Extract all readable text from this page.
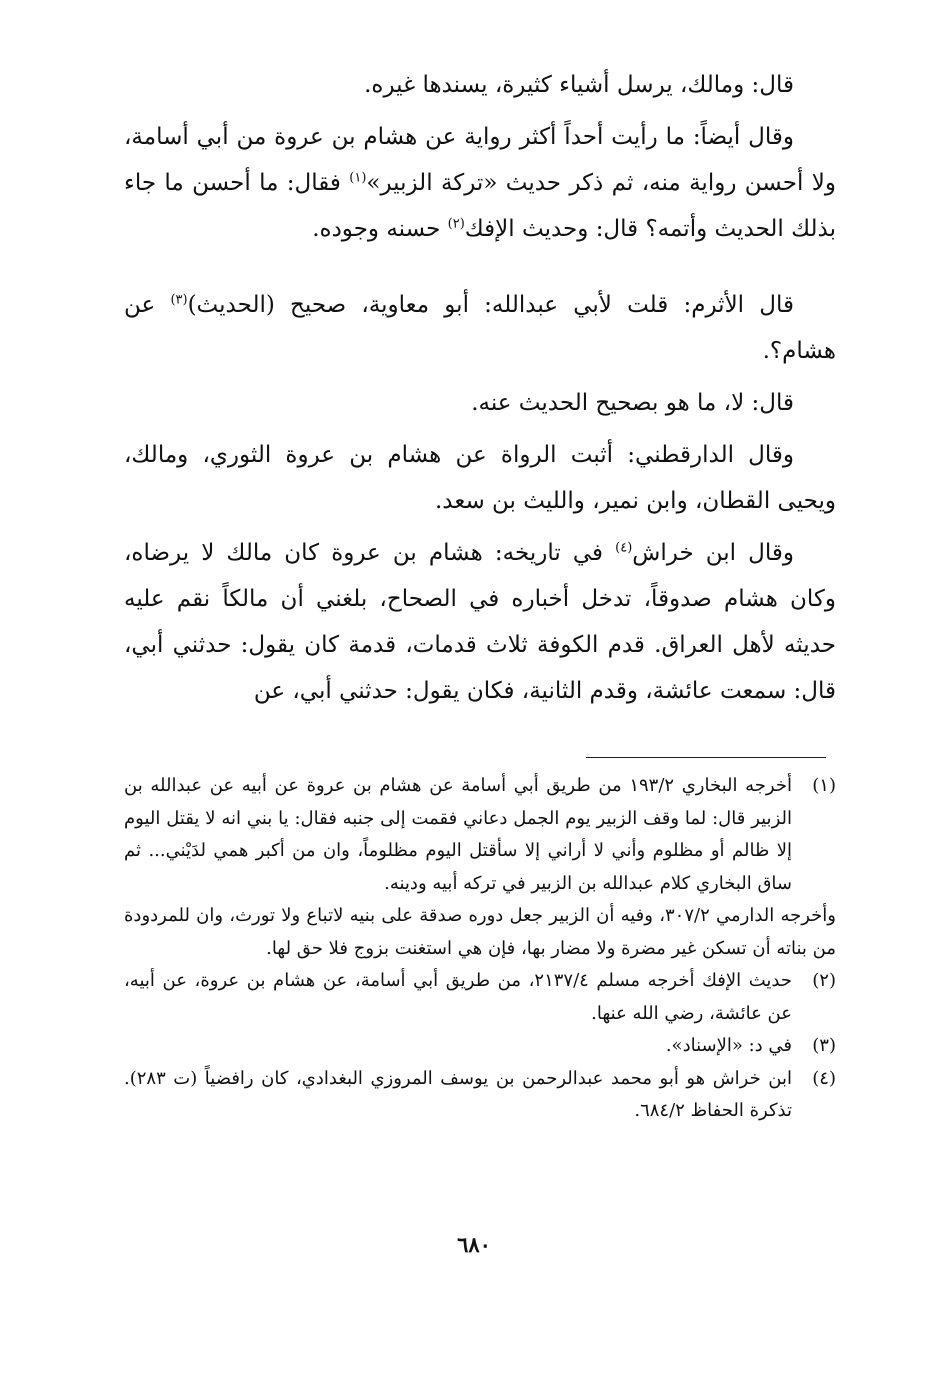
قال: ومالك، يرسل أشياء كثيرة، يسندها غيره.

وقال أيضاً: ما رأيت أحداً أكثر رواية عن هشام بن عروة من أبي أسامة، ولا أحسن رواية منه، ثم ذكر حديث «تركة الزبير»$^{(١)}$ فقال: ما أحسن ما جاء بذلك الحديث وأتمه؟ قال: وحديث الإفك$^{(٢)}$ حسنه وجوده.

قال الأثرم: قلت لأبي عبدالله: أبو معاوية، صحيح (الحديث)$^{(٣)}$ عن هشام؟.

قال: لا، ما هو بصحيح الحديث عنه.

وقال الدارقطني: أثبت الرواة عن هشام بن عروة الثوري، ومالك، ويحيى القطان، وابن نمير، والليث بن سعد.

وقال ابن خراش$^{(٤)}$ في تاريخه: هشام بن عروة كان مالك لا يرضاه، وكان هشام صدوقاً، تدخل أخباره في الصحاح، بلغني أن مالكاً نقم عليه حديثه لأهل العراق. قدم الكوفة ثلاث قدمات، قدمة كان يقول: حدثني أبي، قال: سمعت عائشة، وقدم الثانية، فكان يقول: حدثني أبي، عن

(١)

أخرجه البخاري ١٩٣/٢ من طريق أبي أسامة عن هشام بن عروة عن أبيه عن عبدالله بن الزبير قال: لما وقف الزبير يوم الجمل دعاني فقمت إلى جنبه فقال: يا بني انه لا يقتل اليوم إلا ظالم أو مظلوم وأني لا أراني إلا سأقتل اليوم مظلوماً، وان من أكبر همي لدَيْني... ثم ساق البخاري كلام عبدالله بن الزبير في تركه أبيه ودينه.

وأخرجه الدارمي ٣٠٧/٢، وفيه أن الزبير جعل دوره صدقة على بنيه لاتباع ولا تورث، وان للمردودة من بناته أن تسكن غير مضرة ولا مضار بها، فإن هي استغنت بزوج فلا حق لها.

(٢)

حديث الإفك أخرجه مسلم ٢١٣٧/٤، من طريق أبي أسامة، عن هشام بن عروة، عن أبيه، عن عائشة، رضي الله عنها.

(٣)

في د: «الإسناد».

(٤)

ابن خراش هو أبو محمد عبدالرحمن بن يوسف المروزي البغدادي، كان رافضياً (ت ٢٨٣). تذكرة الحفاظ ٦٨٤/٢.

٦٨٠
